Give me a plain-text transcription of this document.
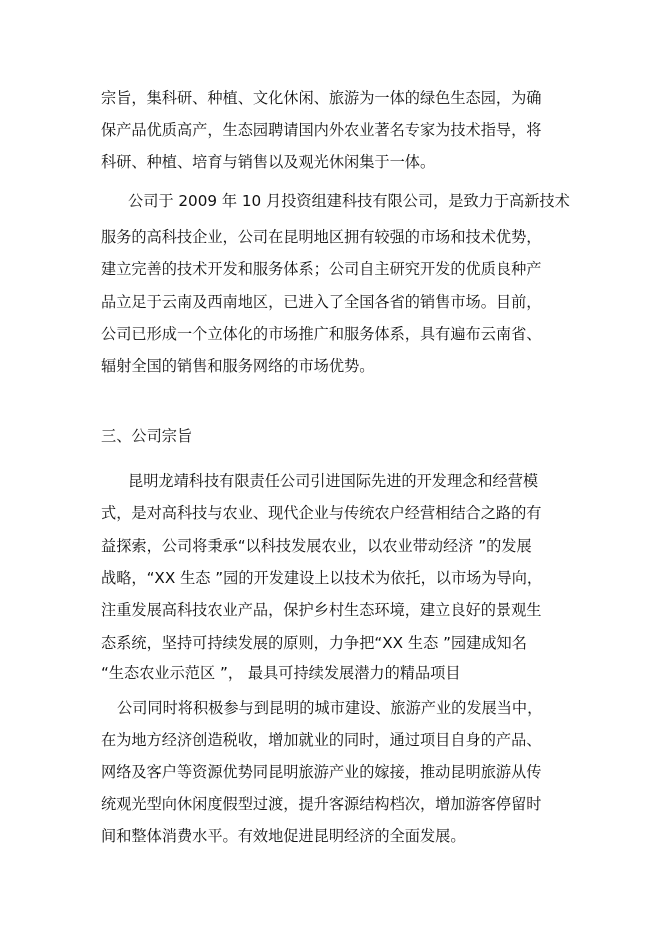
宗旨，集科研、种植、文化休闲、旅游为一体的绿色生态园，为确
保产品优质高产，生态园聘请国内外农业著名专家为技术指导，将
科研、种植、培育与销售以及观光休闲集于一体。
公司于 2009 年 10 月投资组建科技有限公司，是致力于高新技术
服务的高科技企业，公司在昆明地区拥有较强的市场和技术优势，
建立完善的技术开发和服务体系；公司自主研究开发的优质良种产
品立足于云南及西南地区，已进入了全国各省的销售市场。目前，
公司已形成一个立体化的市场推广和服务体系，具有遍布云南省、
辐射全国的销售和服务网络的市场优势。
三、公司宗旨
昆明龙靖科技有限责任公司引进国际先进的开发理念和经营模
式，是对高科技与农业、现代企业与传统农户经营相结合之路的有
益探索，公司将秉承“以科技发展农业，以农业带动经济 ”的发展
战略，“XX 生态 ”园的开发建设上以技术为依托，以市场为导向，
注重发展高科技农业产品，保护乡村生态环境，建立良好的景观生
态系统，坚持可持续发展的原则，力争把“XX 生态 ”园建成知名
“生态农业示范区 ”， 最具可持续发展潜力的精品项目
公司同时将积极参与到昆明的城市建设、旅游产业的发展当中，
在为地方经济创造税收，增加就业的同时，通过项目自身的产品、
网络及客户等资源优势同昆明旅游产业的嫁接，推动昆明旅游从传
统观光型向休闲度假型过渡，提升客源结构档次，增加游客停留时
间和整体消费水平。有效地促进昆明经济的全面发展。
